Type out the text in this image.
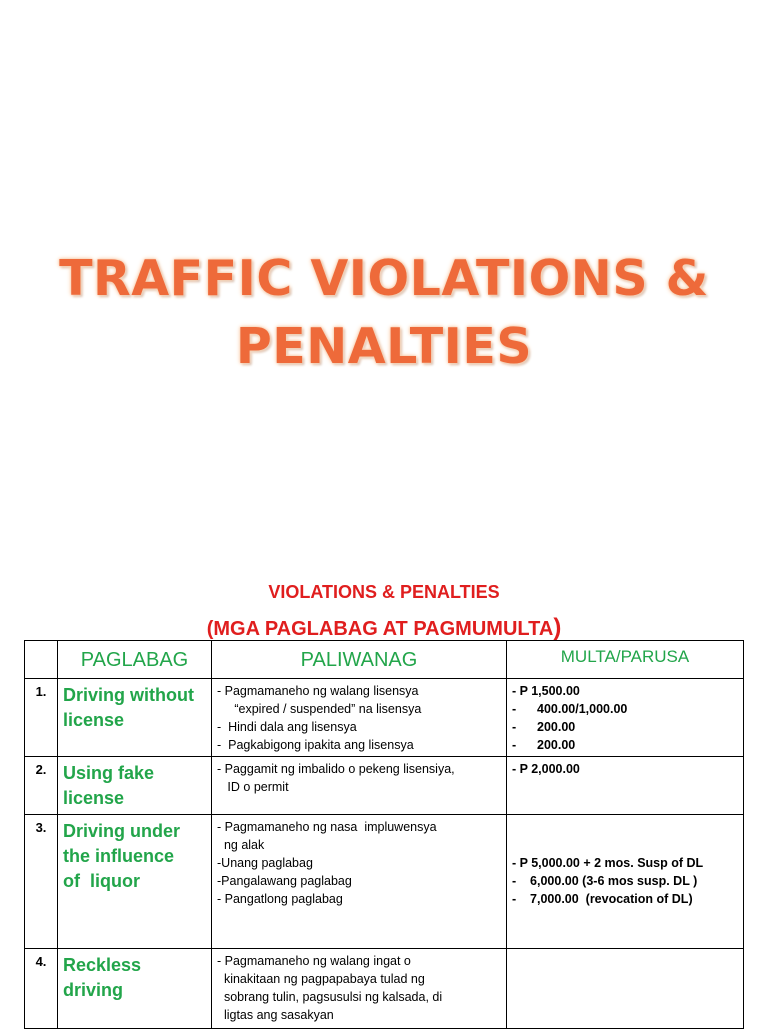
TRAFFIC VIOLATIONS &
PENALTIES
VIOLATIONS & PENALTIES
(MGA PAGLABAG AT PAGMUMULTA)
	PAGLABAG	PALIWANAG	MULTA/PARUSA
1.	Driving without
license	- Pagmamaneho ng walang lisensya
“expired / suspended” na lisensya
-  Hindi dala ang lisensya
-  Pagkabigong ipakita ang lisensya	- P 1,500.00
-      400.00/1,000.00
-      200.00
-      200.00

2.	Using fake
license	- Paggamit ng imbalido o pekeng lisensiya,
ID o permit	- P 2,000.00

3.	Driving under
the influence
of  liquor	- Pagmamaneho ng nasa  impluwensya
ng alak
-Unang paglabag
-Pangalawang paglabag
- Pangatlong paglabag	- P 5,000.00 + 2 mos. Susp of DL
-    6,000.00 (3-6 mos susp. DL )
-    7,000.00  (revocation of DL)

4.	Reckless
driving	- Pagmamaneho ng walang ingat o
kinakitaan ng pagpapabaya tulad ng
sobrang tulin, pagsusulsi ng kalsada, di
ligtas ang sasakyan	
